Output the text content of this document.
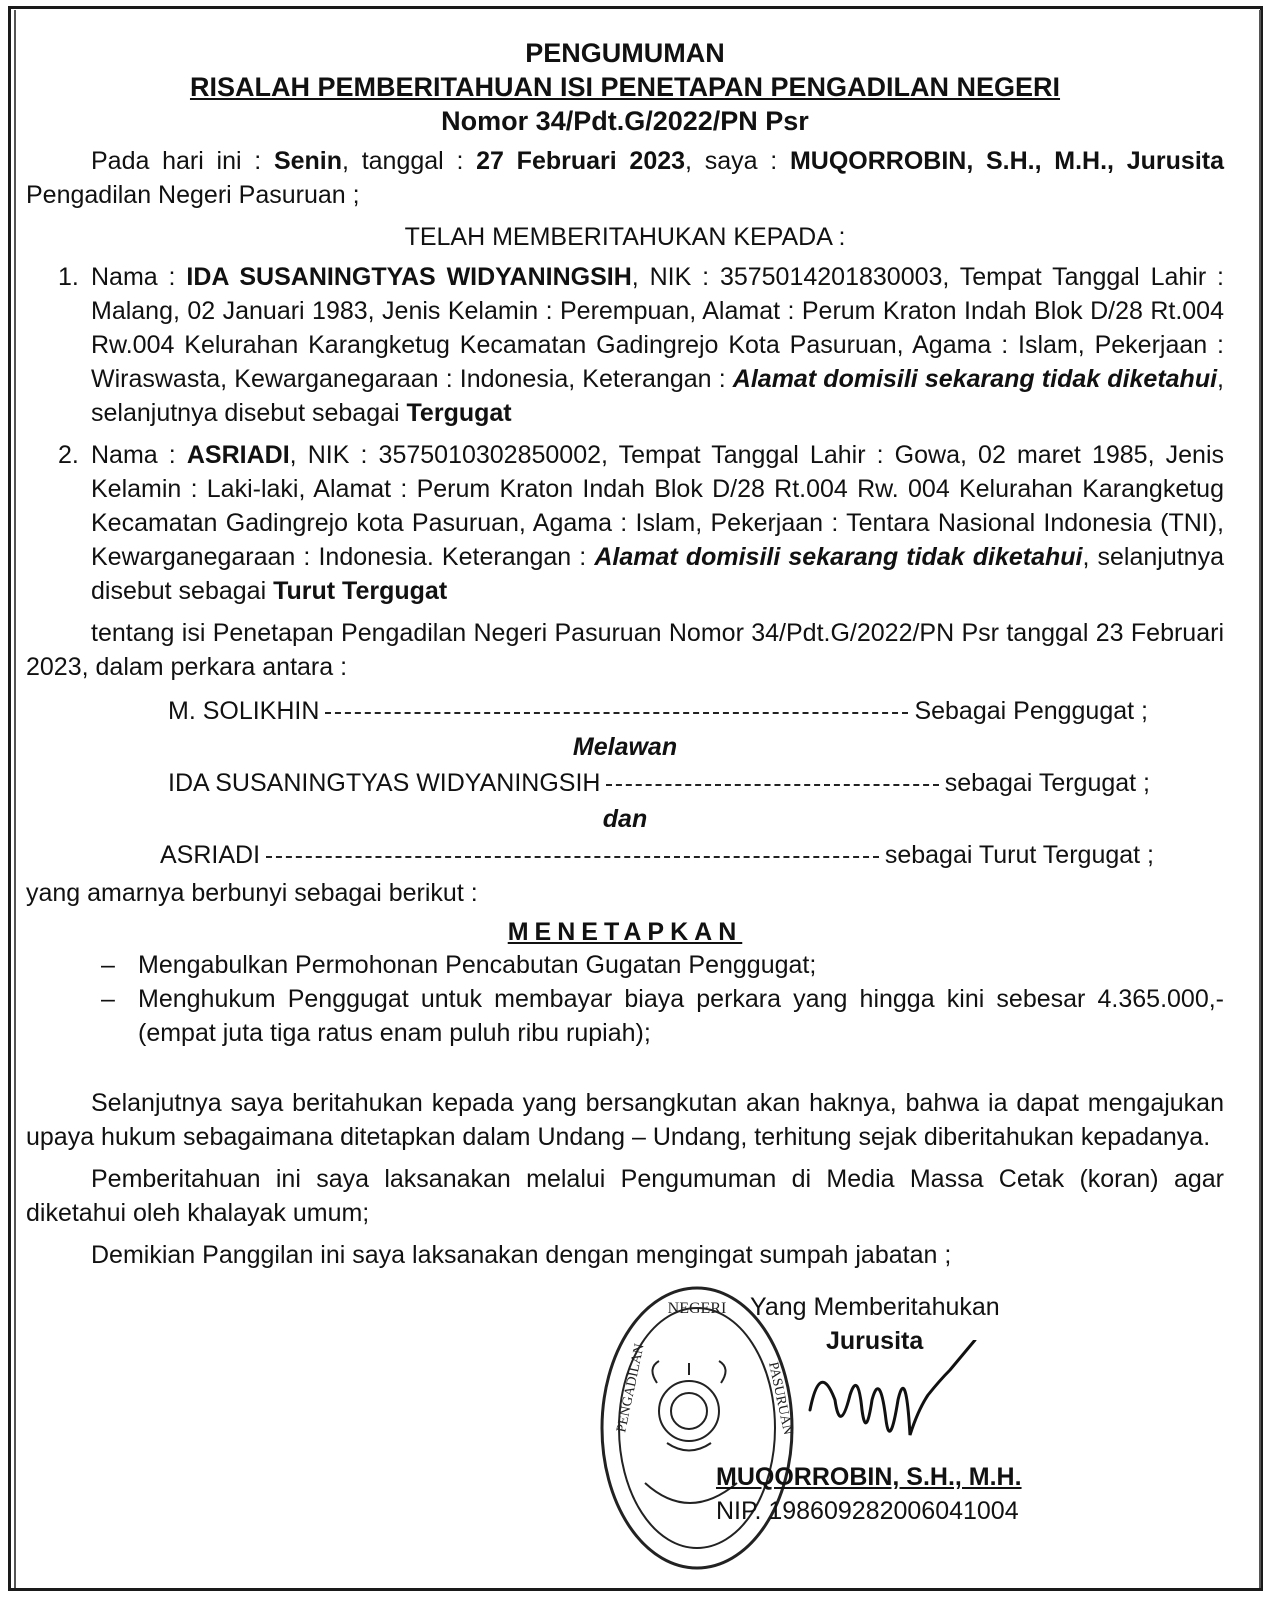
PENGUMUMAN
RISALAH PEMBERITAHUAN ISI PENETAPAN PENGADILAN NEGERI
Nomor 34/Pdt.G/2022/PN Psr

Pada hari ini : Senin, tanggal : 27 Februari 2023, saya : MUQORROBIN, S.H., M.H., Jurusita Pengadilan Negeri Pasuruan ;

TELAH MEMBERITAHUKAN KEPADA :
1. Nama : IDA SUSANINGTYAS WIDYANINGSIH, NIK : 3575014201830003, Tempat Tanggal Lahir : Malang, 02 Januari 1983, Jenis Kelamin : Perempuan, Alamat : Perum Kraton Indah Blok D/28 Rt.004 Rw.004 Kelurahan Karangketug Kecamatan Gadingrejo Kota Pasuruan, Agama : Islam, Pekerjaan : Wiraswasta, Kewarganegaraan : Indonesia, Keterangan : Alamat domisili sekarang tidak diketahui, selanjutnya disebut sebagai Tergugat
2. Nama : ASRIADI, NIK : 3575010302850002, Tempat Tanggal Lahir : Gowa, 02 maret 1985, Jenis Kelamin : Laki-laki, Alamat : Perum Kraton Indah Blok D/28 Rt.004 Rw. 004 Kelurahan Karangketug Kecamatan Gadingrejo kota Pasuruan, Agama : Islam, Pekerjaan : Tentara Nasional Indonesia (TNI), Kewarganegaraan : Indonesia. Keterangan : Alamat domisili sekarang tidak diketahui, selanjutnya disebut sebagai Turut Tergugat

tentang isi Penetapan Pengadilan Negeri Pasuruan Nomor 34/Pdt.G/2022/PN Psr tanggal 23 Februari 2023, dalam perkara antara :

M. SOLIKHIN	Sebagai Penggugat ;
Melawan
IDA SUSANINGTYAS WIDYANINGSIH	sebagai Tergugat ;
dan
ASRIADI	sebagai Turut Tergugat ;

yang amarnya berbunyi sebagai berikut :

MENETAPKAN
– Mengabulkan Permohonan Pencabutan Gugatan Penggugat;
– Menghukum Penggugat untuk membayar biaya perkara yang hingga kini sebesar 4.365.000,- (empat juta tiga ratus enam puluh ribu rupiah);

Selanjutnya saya beritahukan kepada yang bersangkutan akan haknya, bahwa ia dapat mengajukan upaya hukum sebagaimana ditetapkan dalam Undang – Undang, terhitung sejak diberitahukan kepadanya.

Pemberitahuan ini saya laksanakan melalui Pengumuman di Media Massa Cetak (koran) agar diketahui oleh khalayak umum;

Demikian Panggilan ini saya laksanakan dengan mengingat sumpah jabatan ;

NEGERI
PENGADILAN	PASURUAN
Yang Memberitahukan
Jurusita
MUQORROBIN, S.H., M.H.
NIP. 198609282006041004
